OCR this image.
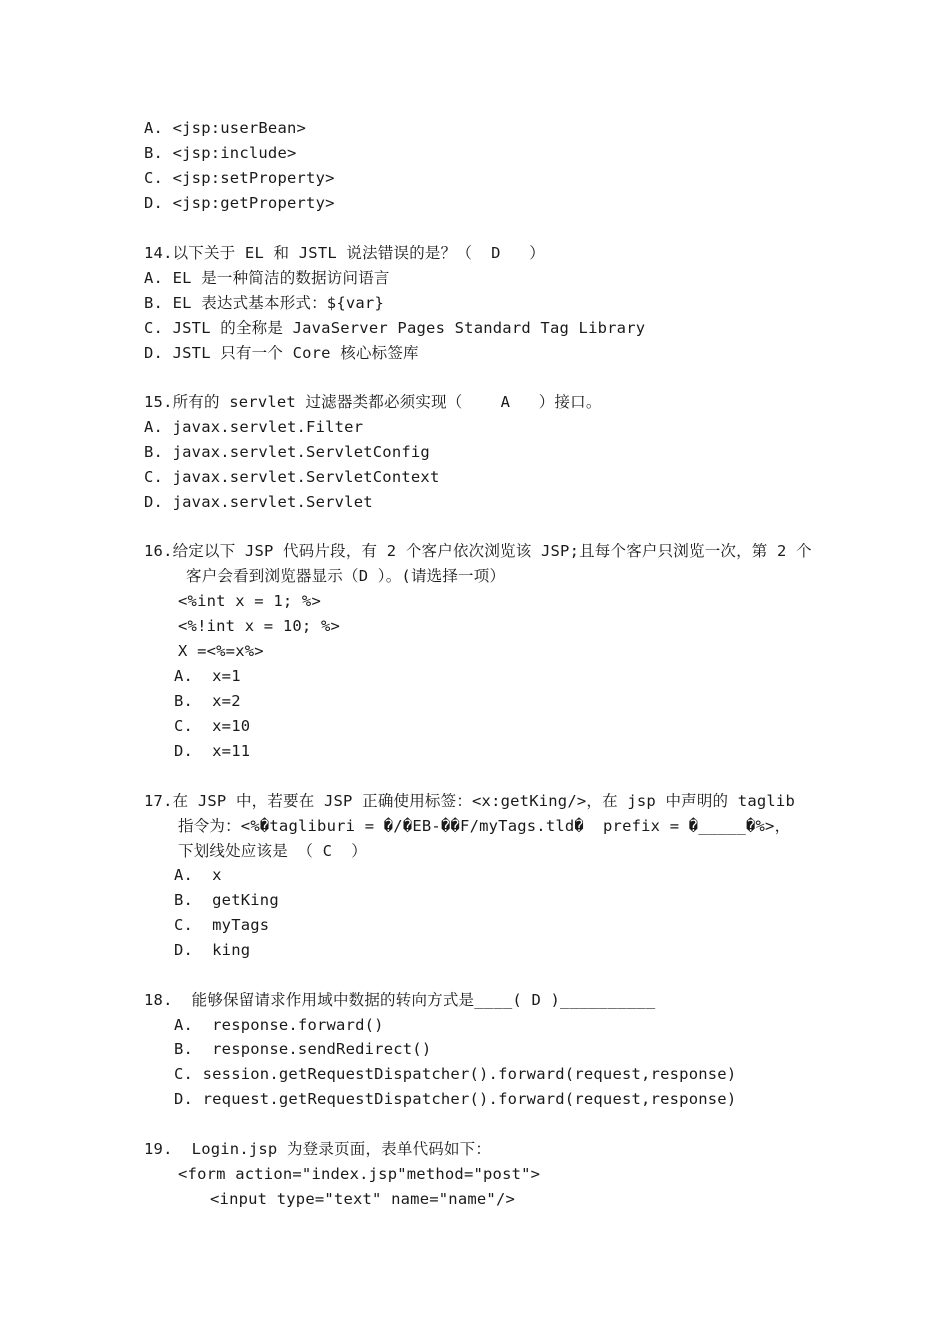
A. <jsp:userBean>
B. <jsp:include>
C. <jsp:setProperty>
D. <jsp:getProperty>
14.以下关于 EL 和 JSTL 说法错误的是？（  D   ）
A. EL 是一种简洁的数据访问语言
B. EL 表达式基本形式：${var}
C. JSTL 的全称是 JavaServer Pages Standard Tag Library
D. JSTL 只有一个 Core 核心标签库
15.所有的 servlet 过滤器类都必须实现（    A   ）接口。
A. javax.servlet.Filter
B. javax.servlet.ServletConfig
C. javax.servlet.ServletContext
D. javax.servlet.Servlet
16.给定以下 JSP 代码片段，有 2 个客户依次浏览该 JSP;且每个客户只浏览一次，第 2 个
客户会看到浏览器显示（D ）。(请选择一项）
<%int x = 1; %>
<%!int x = 10; %>
X =<%=x%>
A.  x=1
B.  x=2
C.  x=10
D.  x=11
17.在 JSP 中，若要在 JSP 正确使用标签：<x:getKing/>，在 jsp 中声明的 taglib
指令为：<%�tagliburi = �/�EB-��F/myTags.tld�  prefix = �_____�%>，
下划线处应该是 （ C  ）
A.  x
B.  getKing
C.  myTags
D.  king
18.  能够保留请求作用域中数据的转向方式是____( D )__________
A.  response.forward()
B.  response.sendRedirect()
C. session.getRequestDispatcher().forward(request,response)
D. request.getRequestDispatcher().forward(request,response)
19.  Login.jsp 为登录页面，表单代码如下：
<form action="index.jsp"method="post">
<input type="text" name="name"/>
